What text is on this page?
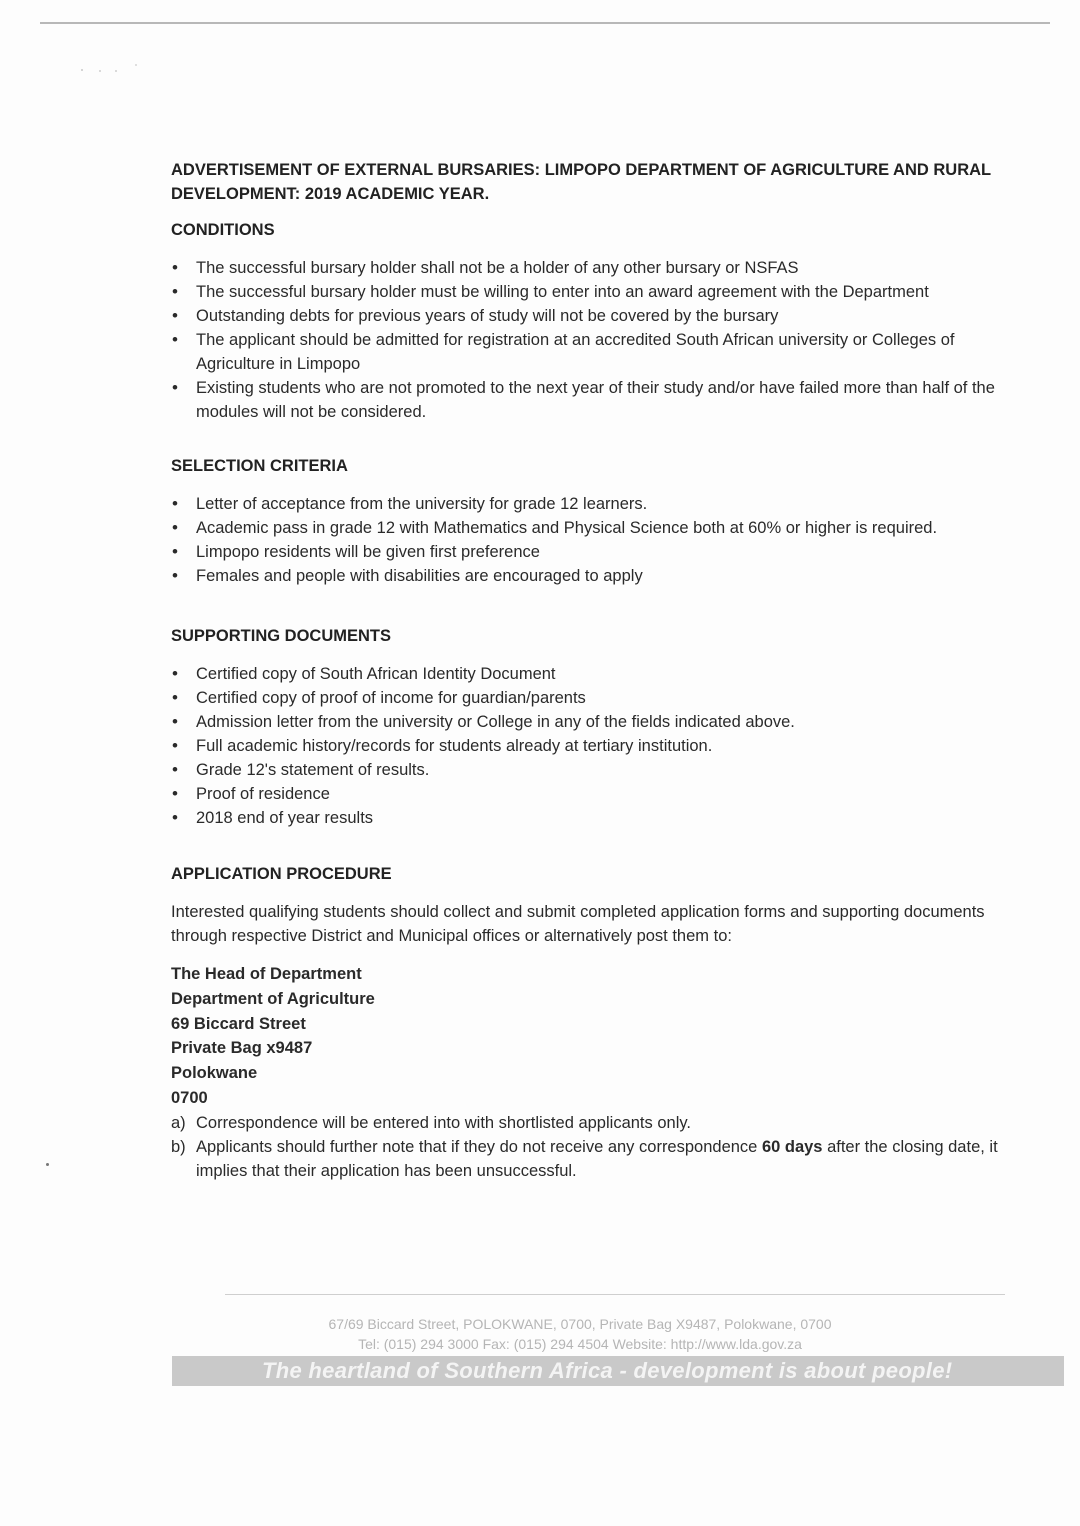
ADVERTISEMENT OF EXTERNAL BURSARIES: LIMPOPO DEPARTMENT OF AGRICULTURE AND RURAL DEVELOPMENT: 2019 ACADEMIC YEAR.
CONDITIONS
• The successful bursary holder shall not be a holder of any other bursary or NSFAS
• The successful bursary holder must be willing to enter into an award agreement with the Department
• Outstanding debts for previous years of study will not be covered by the bursary
• The applicant should be admitted for registration at an accredited South African university or Colleges of Agriculture in Limpopo
• Existing students who are not promoted to the next year of their study and/or have failed more than half of the modules will not be considered.
SELECTION CRITERIA
• Letter of acceptance from the university for grade 12 learners.
• Academic pass in grade 12 with Mathematics and Physical Science both at 60% or higher is required.
• Limpopo residents will be given first preference
• Females and people with disabilities are encouraged to apply
SUPPORTING DOCUMENTS
• Certified copy of South African Identity Document
• Certified copy of proof of income for guardian/parents
• Admission letter from the university or College in any of the fields indicated above.
• Full academic history/records for students already at tertiary institution.
• Grade 12's statement of results.
• Proof of residence
• 2018 end of year results
APPLICATION PROCEDURE

Interested qualifying students should collect and submit completed application forms and supporting documents through respective District and Municipal offices or alternatively post them to:

The Head of Department
Department of Agriculture
69 Biccard Street
Private Bag x9487
Polokwane
0700
a) Correspondence will be entered into with shortlisted applicants only.
b) Applicants should further note that if they do not receive any correspondence 60 days after the closing date, it implies that their application has been unsuccessful.
67/69 Biccard Street, POLOKWANE, 0700, Private Bag X9487, Polokwane, 0700
Tel: (015) 294 3000 Fax: (015) 294 4504 Website: http://www.lda.gov.za
The heartland of Southern Africa - development is about people!
